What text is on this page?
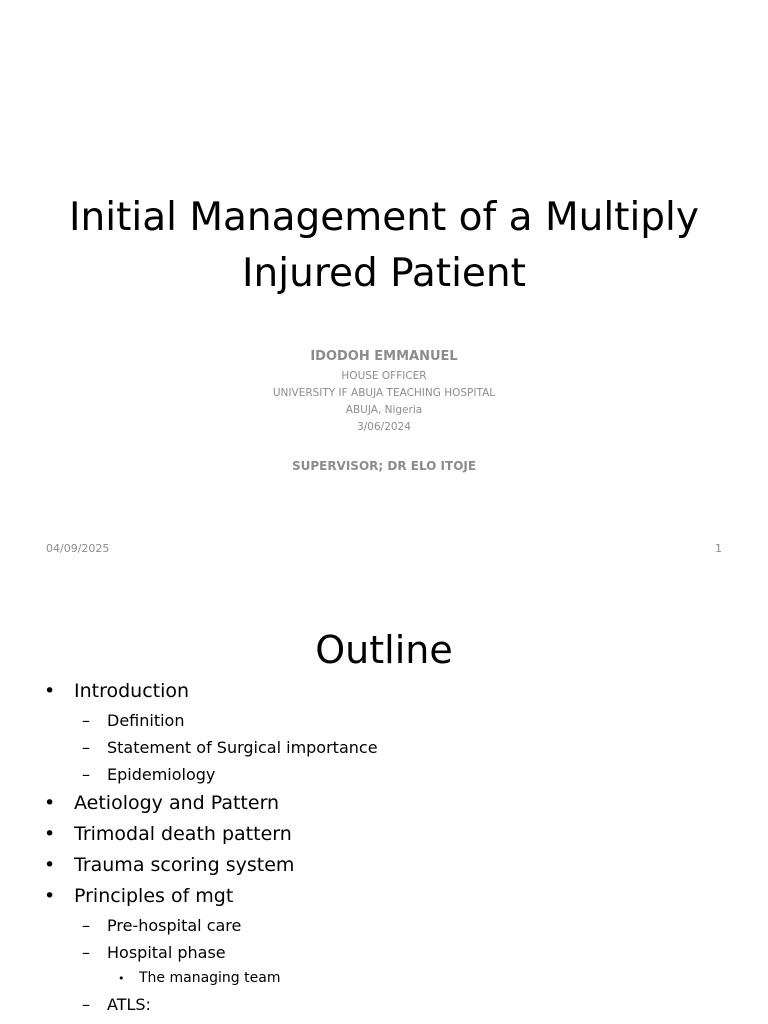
Initial Management of a Multiply
Injured Patient
IDODOH EMMANUEL
HOUSE OFFICER
UNIVERSITY IF ABUJA TEACHING HOSPITAL
ABUJA, Nigeria
3/06/2024
SUPERVISOR; DR ELO ITOJE
04/09/2025	1
Outline
• Introduction
– Definition
– Statement of Surgical importance
– Epidemiology
• Aetiology and Pattern
• Trimodal death pattern
• Trauma scoring system
• Principles of mgt
– Pre-hospital care
– Hospital phase
• The managing team
– ATLS:
